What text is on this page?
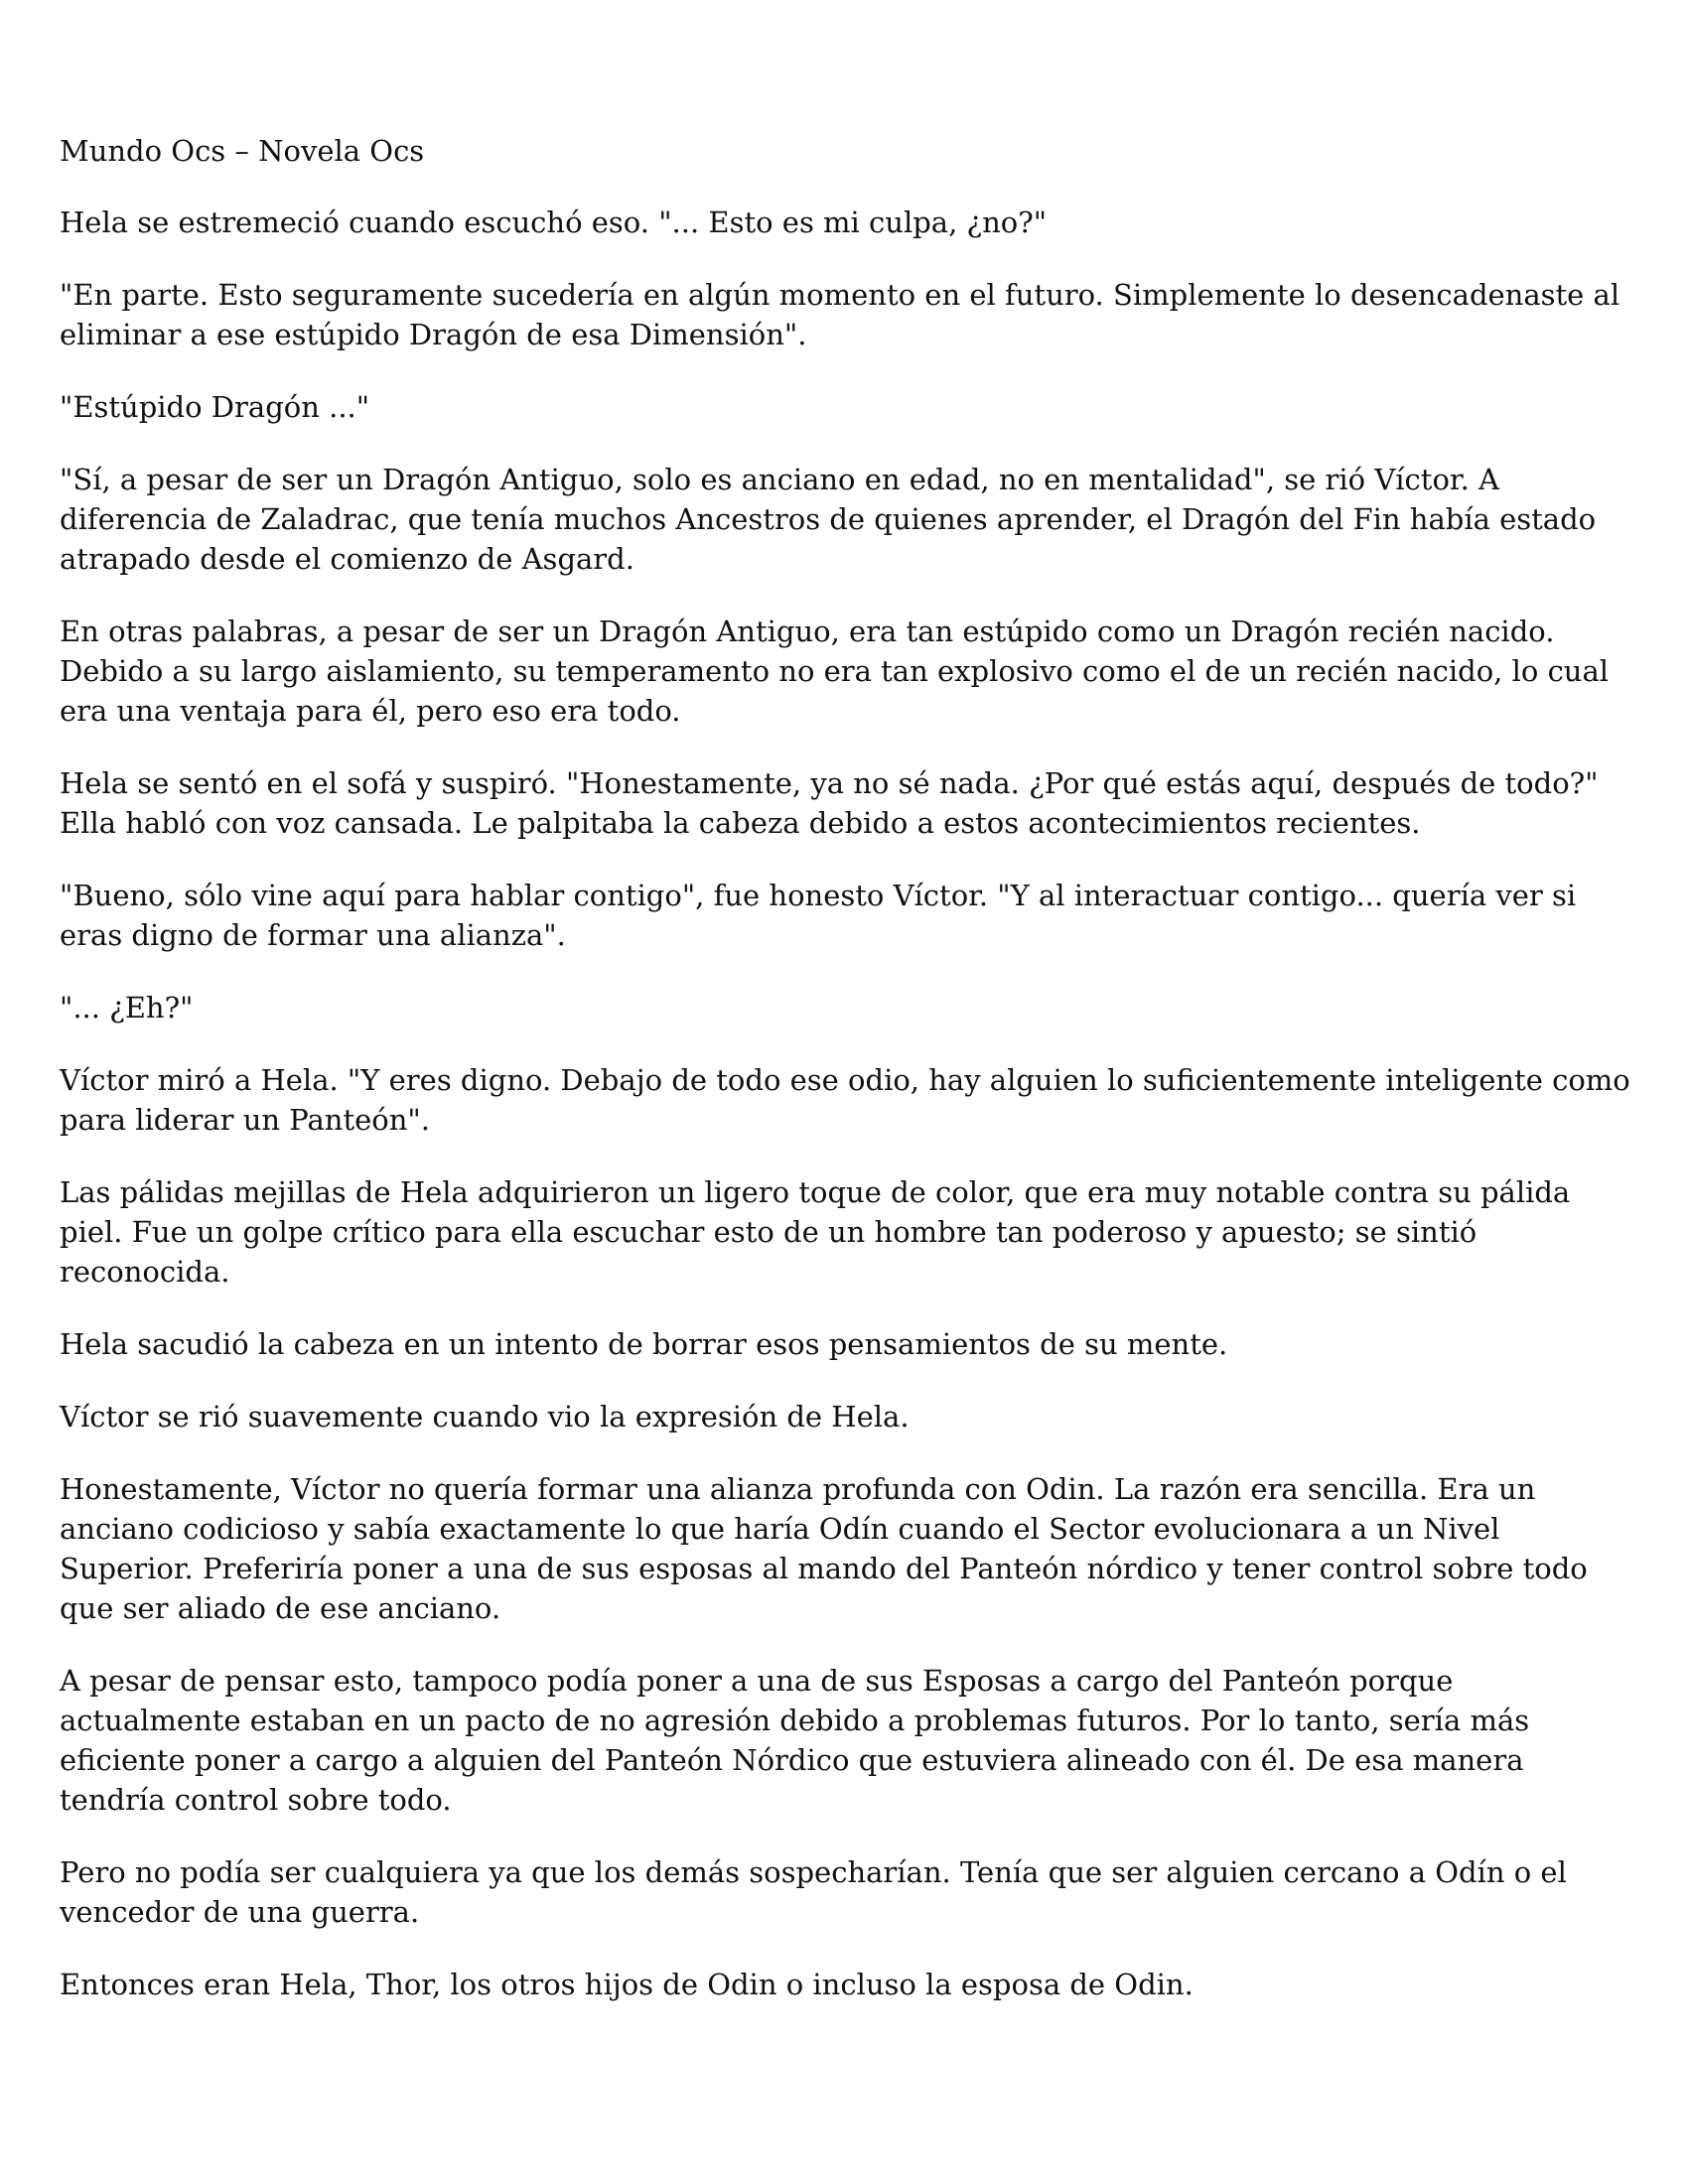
Mundo Ocs – Novela Ocs

Hela se estremeció cuando escuchó eso. "... Esto es mi culpa, ¿no?"

"En parte. Esto seguramente sucedería en algún momento en el futuro. Simplemente lo desencadenaste al eliminar a ese estúpido Dragón de esa Dimensión".

"Estúpido Dragón ..."

"Sí, a pesar de ser un Dragón Antiguo, solo es anciano en edad, no en mentalidad", se rió Víctor. A diferencia de Zaladrac, que tenía muchos Ancestros de quienes aprender, el Dragón del Fin había estado atrapado desde el comienzo de Asgard.

En otras palabras, a pesar de ser un Dragón Antiguo, era tan estúpido como un Dragón recién nacido. Debido a su largo aislamiento, su temperamento no era tan explosivo como el de un recién nacido, lo cual era una ventaja para él, pero eso era todo.

Hela se sentó en el sofá y suspiró. "Honestamente, ya no sé nada. ¿Por qué estás aquí, después de todo?" Ella habló con voz cansada. Le palpitaba la cabeza debido a estos acontecimientos recientes.

"Bueno, sólo vine aquí para hablar contigo", fue honesto Víctor. "Y al interactuar contigo... quería ver si eras digno de formar una alianza".

"... ¿Eh?"

Víctor miró a Hela. "Y eres digno. Debajo de todo ese odio, hay alguien lo suficientemente inteligente como para liderar un Panteón".

Las pálidas mejillas de Hela adquirieron un ligero toque de color, que era muy notable contra su pálida piel. Fue un golpe crítico para ella escuchar esto de un hombre tan poderoso y apuesto; se sintió reconocida.

Hela sacudió la cabeza en un intento de borrar esos pensamientos de su mente.

Víctor se rió suavemente cuando vio la expresión de Hela.

Honestamente, Víctor no quería formar una alianza profunda con Odin. La razón era sencilla. Era un anciano codicioso y sabía exactamente lo que haría Odín cuando el Sector evolucionara a un Nivel Superior. Preferiría poner a una de sus esposas al mando del Panteón nórdico y tener control sobre todo que ser aliado de ese anciano.

A pesar de pensar esto, tampoco podía poner a una de sus Esposas a cargo del Panteón porque actualmente estaban en un pacto de no agresión debido a problemas futuros. Por lo tanto, sería más eficiente poner a cargo a alguien del Panteón Nórdico que estuviera alineado con él. De esa manera tendría control sobre todo.

Pero no podía ser cualquiera ya que los demás sospecharían. Tenía que ser alguien cercano a Odín o el vencedor de una guerra.

Entonces eran Hela, Thor, los otros hijos de Odin o incluso la esposa de Odin.
